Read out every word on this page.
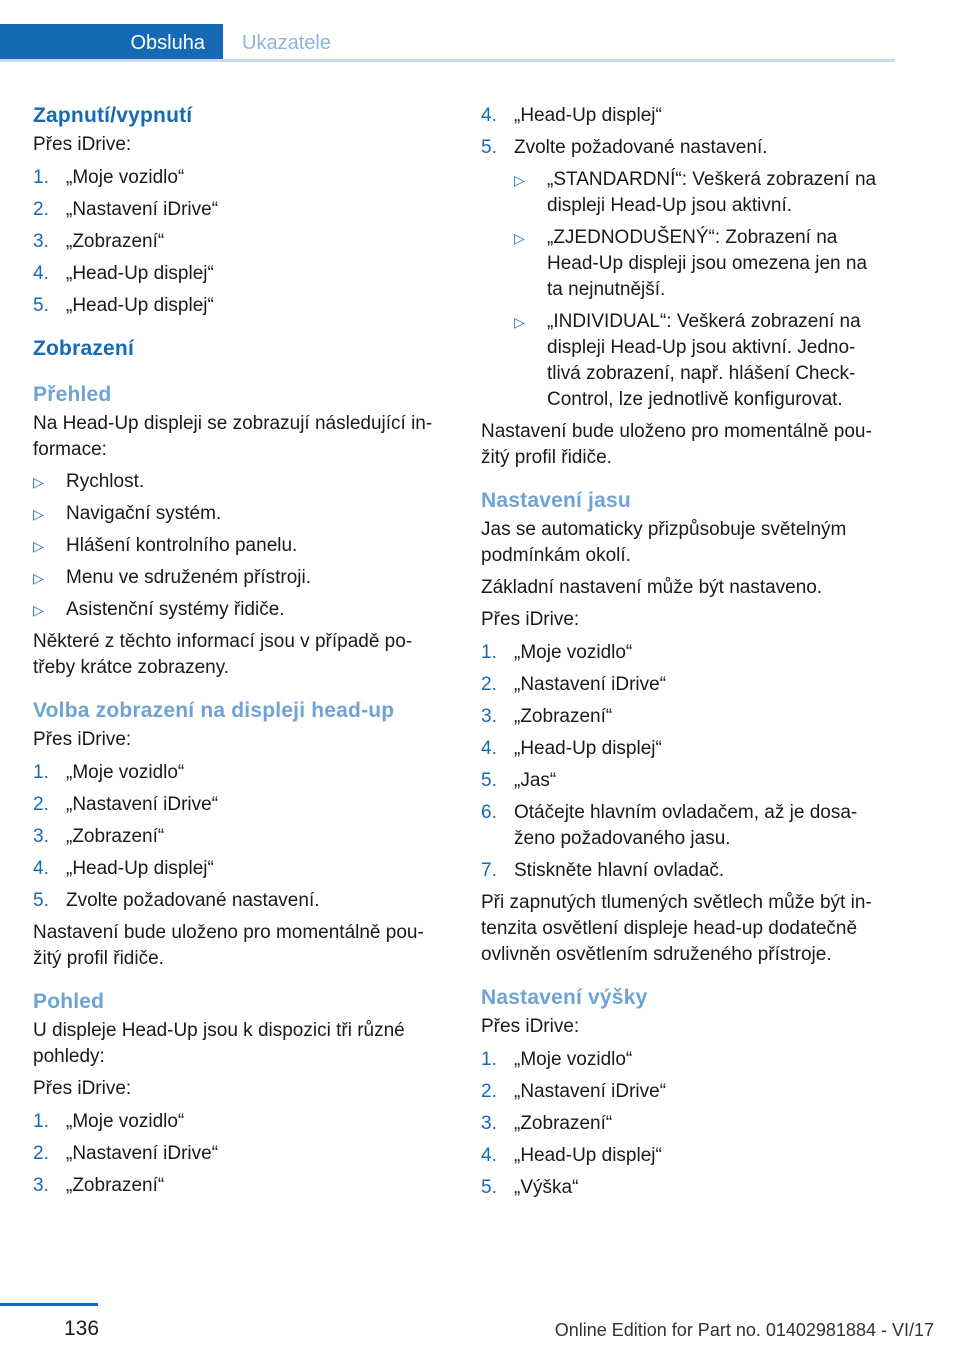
Obsluha Ukazatele
Zapnutí/vypnutí

Přes iDrive:

1. „Moje vozidlo“
2. „Nastavení iDrive“
3. „Zobrazení“
4. „Head-Up displej“
5. „Head-Up displej“
Zobrazení
Přehled

Na Head-Up displeji se zobrazují následující in-
formace:

▷	Rychlost.
▷	Navigační systém.
▷	Hlášení kontrolního panelu.
▷	Menu ve sdruženém přístroji.
▷	Asistenční systémy řidiče.

Některé z těchto informací jsou v případě po-
třeby krátce zobrazeny.

Volba zobrazení na displeji head-up

Přes iDrive:

1. „Moje vozidlo“
2. „Nastavení iDrive“
3. „Zobrazení“
4. „Head-Up displej“
5. Zvolte požadované nastavení.

Nastavení bude uloženo pro momentálně pou-
žitý profil řidiče.

Pohled

U displeje Head-Up jsou k dispozici tři různé
pohledy:

Přes iDrive:

1. „Moje vozidlo“
2. „Nastavení iDrive“
3. „Zobrazení“
4. „Head-Up displej“
5. Zvolte požadované nastavení.
▷	„STANDARDNÍ“: Veškerá zobrazení na
displeji Head-Up jsou aktivní.
▷	„ZJEDNODUŠENÝ“: Zobrazení na
Head-Up displeji jsou omezena jen na
ta nejnutnější.
▷	„INDIVIDUAL“: Veškerá zobrazení na
displeji Head-Up jsou aktivní. Jedno-
tlivá zobrazení, např. hlášení Check-
Control, lze jednotlivě konfigurovat.

Nastavení bude uloženo pro momentálně pou-
žitý profil řidiče.

Nastavení jasu

Jas se automaticky přizpůsobuje světelným
podmínkám okolí.

Základní nastavení může být nastaveno.

Přes iDrive:

1. „Moje vozidlo“
2. „Nastavení iDrive“
3. „Zobrazení“
4. „Head-Up displej“
5. „Jas“
6. Otáčejte hlavním ovladačem, až je dosa-
ženo požadovaného jasu.
7. Stiskněte hlavní ovladač.

Při zapnutých tlumených světlech může být in-
tenzita osvětlení displeje head-up dodatečně
ovlivněn osvětlením sdruženého přístroje.

Nastavení výšky

Přes iDrive:

1. „Moje vozidlo“
2. „Nastavení iDrive“
3. „Zobrazení“
4. „Head-Up displej“
5. „Výška“
136	Online Edition for Part no. 01402981884 - VI/17
